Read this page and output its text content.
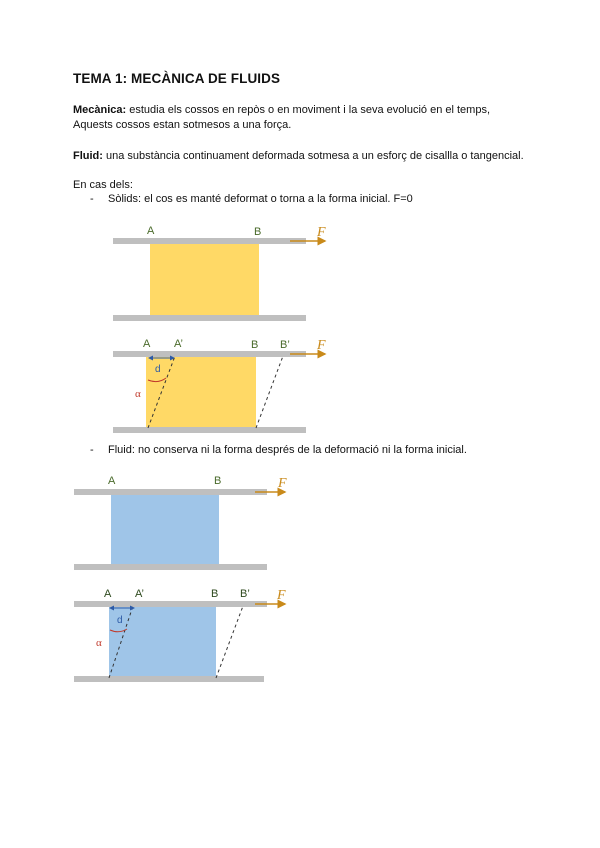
TEMA 1: MECÀNICA DE FLUIDS

Mecànica: estudia els cossos en repòs o en moviment i la seva evolució en el temps,
Aquests cossos estan sotmesos a una força.

Fluid: una substància continuament deformada sotmesa a un esforç de cisallla o tangencial.

En cas dels:

- Sòlids: el cos es manté deformat o torna a la forma inicial. F=0
- Fluid: no conserva ni la forma després de la deformació ni la forma inicial.
A	B	F
A A’	B B’ F
d
α
A	B	F
A A’	B B’ F
d
α
